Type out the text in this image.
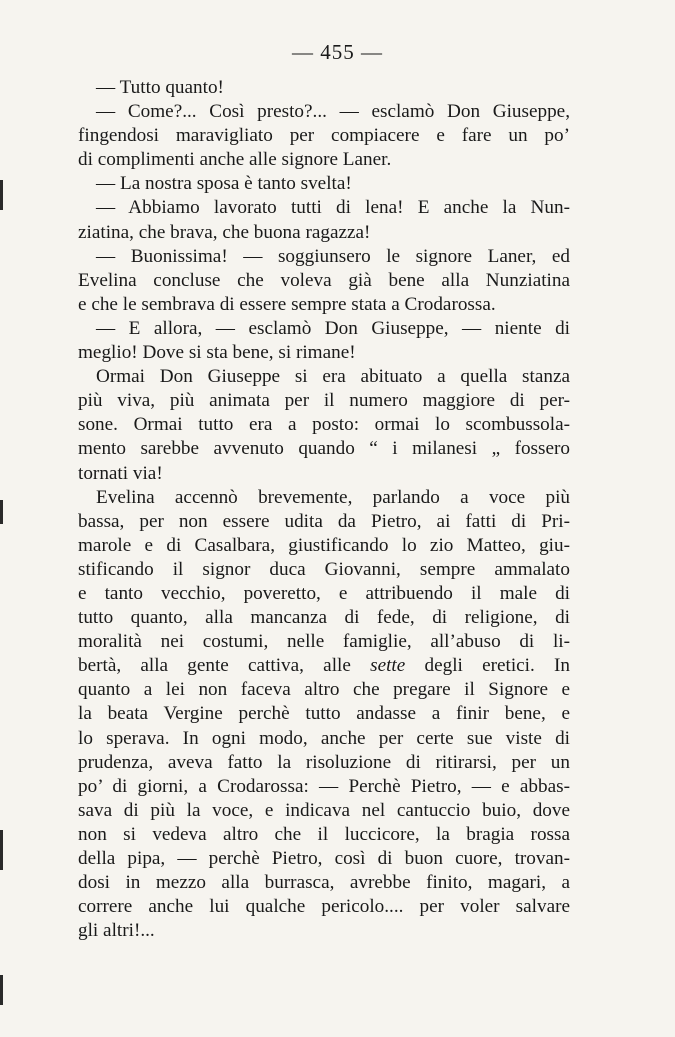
— 455 —
— Tutto quanto!
— Come?... Così presto?... — esclamò Don Giuseppe,
fingendosi maravigliato per compiacere e fare un po’
di complimenti anche alle signore Laner.
— La nostra sposa è tanto svelta!
— Abbiamo lavorato tutti di lena! E anche la Nun-
ziatina, che brava, che buona ragazza!
— Buonissima! — soggiunsero le signore Laner, ed
Evelina concluse che voleva già bene alla Nunziatina
e che le sembrava di essere sempre stata a Crodarossa.
— E allora, — esclamò Don Giuseppe, — niente di
meglio! Dove si sta bene, si rimane!
Ormai Don Giuseppe si era abituato a quella stanza
più viva, più animata per il numero maggiore di per-
sone. Ormai tutto era a posto: ormai lo scombussola-
mento sarebbe avvenuto quando “ i milanesi „ fossero
tornati via!
Evelina accennò brevemente, parlando a voce più
bassa, per non essere udita da Pietro, ai fatti di Pri-
marole e di Casalbara, giustificando lo zio Matteo, giu-
stificando il signor duca Giovanni, sempre ammalato
e tanto vecchio, poveretto, e attribuendo il male di
tutto quanto, alla mancanza di fede, di religione, di
moralità nei costumi, nelle famiglie, all’abuso di li-
bertà, alla gente cattiva, alle sette degli eretici. In
quanto a lei non faceva altro che pregare il Signore e
la beata Vergine perchè tutto andasse a finir bene, e
lo sperava. In ogni modo, anche per certe sue viste di
prudenza, aveva fatto la risoluzione di ritirarsi, per un
po’ di giorni, a Crodarossa: — Perchè Pietro, — e abbas-
sava di più la voce, e indicava nel cantuccio buio, dove
non si vedeva altro che il luccicore, la bragia rossa
della pipa, — perchè Pietro, così di buon cuore, trovan-
dosi in mezzo alla burrasca, avrebbe finito, magari, a
correre anche lui qualche pericolo.... per voler salvare
gli altri!...
